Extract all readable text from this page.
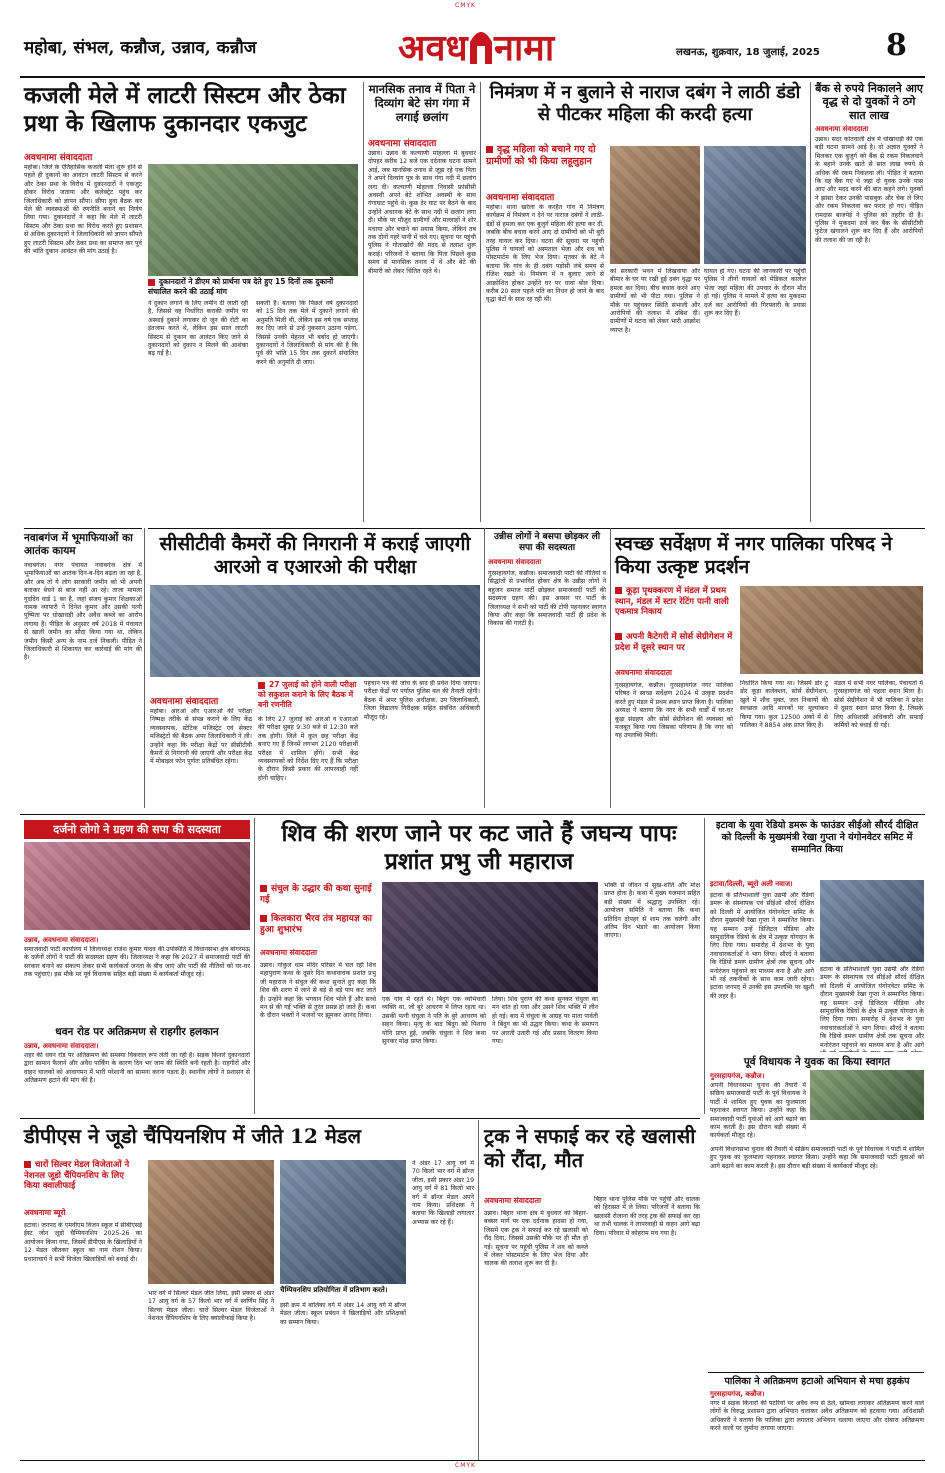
CMYK
CMYK
महोबा, संभल, कन्नौज, उन्नाव, कन्नौज	अवध नामा	लखनऊ, शुक्रवार, 18 जुलाई, 2025 8
कजली मेले में लाटरी सिस्टम और ठेका प्रथा के खिलाफ दुकानदार एकजुट
अवधनामा संवाददाता
महोबा। जिले के ऐतिहासिक कजली मेला शुरू होने से पहले ही दुकानों का आवंटन लाटरी सिस्टम से करने और ठेका प्रथा के विरोध में दुकानदारों ने एकजुट होकर विरोध जताया और कलेक्ट्रेट पहुंच कर जिलाधिकारी को ज्ञापन सौंपा। छीपा हुवा बैठक कर मेले की व्यवस्थाओं की रणनीति बनाने का निर्णय लिया गया। दुकानदारों ने कहा कि मेले में लाटरी सिस्टम और ठेका प्रथा का विरोध करते हुए प्रशासन से अधिक दुकानदारों ने जिलाधिकारी को ज्ञापन सौंपते हुए लाटरी सिस्टम और ठेका प्रथा का समाप्त कर पूर्व की भांति दुकान आवंटन की मांग उठाई है।
दुकानदारों ने डीएम को प्रार्थना पत्र देते हुए 15 दिनों तक दुकानों संचालित करने की उठाई मांग
ने दुकान लगाने के लिए जमीन दी जाती रही है, जिससे वह निर्धारित कराकी जमीन पर अस्थाई दुकाने लगाकर दो जून की रोटी का इंतजाम करते थे, लेकिन इस साल लाटरी सिस्टम से दुकान का आवंटन किए जाने से दुकानदारों को दुकान न मिलने की आशंका बढ़ गई है।
सकती है। बताया कि पिछले वर्ष दुकानदारों को 15 दिन तक मेले में दुकानें लगाने की अनुमति मिली थी, लेकिन इस वर्ष एक सप्ताह कर दिए जाने से उन्हें नुकसान उठाना पड़ेगा, जिससे उनकी मेहनत भी बर्बाद हो जाएगी। दुकानदारों ने जिलाधिकारी से मांग की है कि पूर्व की भांति 15 दिन तक दुकानें संचालित करने की अनुमति दी जाए।
नवाबगंज में भूमाफियाओं का आतंक कायम
नवाबगंज। नगर पंचायत नवाबगंज क्षेत्र में भूमाफियाओं का आतंक दिन-ब-दिन बढ़ता जा रहा है, और अब तो ये लोग सरकारी जमीन को भी अपनी बताकर बेचने से बाज नहीं आ रहे। ताजा मामला गुर्दादेव वार्ड 1 का है, जहां संजय कुमार शिक्षकाओं नामक व्यापारी ने दिनेश कुमार और उसकी पत्नी पुष्पिता पर धोखाधड़ी और अवैध कब्जे का आरोप लगाया है। पीड़ित के अनुसार वर्ष 2018 में पंचायत से खाली जमीन का सौदा किया गया था, लेकिन जमीन किसी अन्य के नाम दर्ज निकली। पीड़ित ने जिलाधिकारी से शिकायत कर कार्रवाई की मांग की है।
मानसिक तनाव में पिता ने दिव्यांग बेटे संग गंगा में लगाई छलांग
अवधनामा संवाददाता
उन्नाव। उन्नाव के कल्याणी मोहल्ला में बुधवार दोपहर करीब 12 बजे एक दर्दनाक घटना सामने आई, जब मानसिक तनाव से जूझ रहे एक पिता ने अपने दिव्यांग पुत्र के साथ गंगा नदी में छलांग लगा दी। कल्याणी मोहल्ला निवासी फ्रांसीसी अवस्थी अपने बेटे शोभित अवस्थी के साथ गंगाघाट पहुंचे थे। कुछ देर घाट पर बैठने के बाद उन्होंने अचानक बेटे के साथ नदी में छलांग लगा दी। मौके पर मौजूद ग्रामीणों और मल्लाहों ने शोर मचाया और बचाने का प्रयास किया, लेकिन तब तक दोनों गहरे पानी में चले गए। सूचना पर पहुंची पुलिस ने गोताखोरों की मदद से तलाश शुरू कराई। परिजनों ने बताया कि पिता पिछले कुछ समय से मानसिक तनाव में थे और बेटे की बीमारी को लेकर चिंतित रहते थे।
निमंत्रण में न बुलाने से नाराज दबंग ने लाठी डंडो से पीटकर महिला की करदी हत्या
वृद्ध महिला को बचाने गए दो ग्रामीणों को भी किया लहूलुहान
अवधनामा संवाददाता
महोबा। थाना खरेला के करहैत गांव में निमंत्रण कार्यक्रम में निमंत्रण न देने पर नाराज दबंगों ने लाठी-डंडों से हमला कर एक बुजुर्ग महिला की हत्या कर दी, जबकि बीच बचाव करने आए दो ग्रामीणों को भी बुरी तरह घायल कर दिया। घटना की सूचना पर पहुंची पुलिस ने घायलों को अस्पताल भेजा और शव को पोस्टमार्टम के लिए भेज दिया। मृतका के बेटे ने बताया कि गांव के ही दबंग पड़ोसी लंबे समय से रंजिश रखते थे। निमंत्रण में न बुलाए जाने से आक्रोशित होकर उन्होंने घर पर धावा बोल दिया। करीब 20 साल पहले पति का निधन हो जाने के बाद वृद्धा बेटों के साथ रह रही थी।
को सरकारी भवन में लिखवाया और बीमार के घर पर रखी हुई दबंग वृद्धा पर हमला कर दिया। बीच बचाव करने आए ग्रामीणों को भी पीटा गया। पुलिस ने मौके पर पहुंचकर स्थिति संभाली और आरोपियों की तलाश में दबिश दी। ग्रामीणों में घटना को लेकर भारी आक्रोश व्याप्त है।
घायल हो गए। घटना की जानकारी पर पहुंची पुलिस ने तीनों घायलों को मेडिकल कालेज भेजा जहां महिला की उपचार के दौरान मौत हो गई। पुलिस ने मामले में हत्या का मुकदमा दर्ज कर आरोपियों की गिरफ्तारी के प्रयास शुरू कर दिए हैं।
बैंक से रुपये निकालने आए वृद्ध से दो युवकों ने ठगे सात लाख
अवधनामा संवाददाता
उन्नाव। सदर कोतवाली क्षेत्र में धोखाधड़ी की एक बड़ी घटना सामने आई है। दो अज्ञात युवकों ने मिलकर एक बुजुर्ग को बैंक से रकम निकलवाने के बहाने उनके खाते से सात लाख रुपये से अधिक की रकम निकलवा ली। पीड़ित ने बताया कि वह बैंक गए थे जहां दो युवक उनके पास आए और मदद करने की बात कहने लगे। युवकों ने झांसा देकर उनकी पासबुक और चेक ले लिए और रकम निकलवा कर फरार हो गए। पीड़ित रामदास बाजपेई ने पुलिस को तहरीर दी है। पुलिस ने मुकदमा दर्ज कर बैंक के सीसीटीवी फुटेज खंगालने शुरू कर दिए हैं और आरोपियों की तलाश की जा रही है।
सीसीटीवी कैमरों की निगरानी में कराई जाएगी आरओ व एआरओ की परीक्षा
अवधनामा संवाददाता
महोबा। आरओ और एआरओ की परीक्षा निष्पक्ष तरीके से संपन्न कराने के लिए केंद्र व्यवस्थापक, स्टेटिक मजिस्ट्रेट एवं सेक्टर मजिस्ट्रेटों की बैठक अपर जिलाधिकारी ने ली। उन्होंने कहा कि परीक्षा केंद्रों पर सीसीटीवी कैमरों से निगरानी की जाएगी और परीक्षा केंद्र में मोबाइल फोन पूर्णतः प्रतिबंधित रहेगा।
27 जुलाई को होने वाली परीक्षा को सकुशल कराने के लिए बैठक में बनी रणनीति
के लिए 27 जुलाई को आरओ व एआरओ की परीक्षा सुबह 9:30 बजे से 12:30 बजे तक होगी। जिले में कुल छह परीक्षा केंद्र बनाए गए हैं जिनमें लगभग 2120 परीक्षार्थी परीक्षा में शामिल होंगे। सभी केंद्र व्यवस्थापकों को निर्देश दिए गए हैं कि परीक्षा के दौरान किसी प्रकार की लापरवाही नहीं होनी चाहिए।
पहचान पत्र की जांच के बाद ही प्रवेश दिया जाएगा। परीक्षा केंद्रों पर पर्याप्त पुलिस बल की तैनाती रहेगी। बैठक में अपर पुलिस अधीक्षक, उप जिलाधिकारी, जिला विद्यालय निरीक्षक सहित संबंधित अधिकारी मौजूद रहे।
उन्नीस लोगों ने बसपा छोड़कर ली सपा की सदस्यता
अवधनामा संवाददाता
गुरसहायगंज, कन्नौज। समाजवादी पार्टी की नीतियों व सिद्धांतों से प्रभावित होकर क्षेत्र के उन्नीस लोगों ने बहुजन समाज पार्टी छोड़कर समाजवादी पार्टी की सदस्यता ग्रहण की। इस अवसर पर पार्टी के जिलाध्यक्ष ने सभी को पार्टी की टोपी पहनाकर स्वागत किया और कहा कि समाजवादी पार्टी ही प्रदेश के विकास की गारंटी है।
स्वच्छ सर्वेक्षण में नगर पालिका परिषद ने किया उत्कृष्ट प्रदर्शन
कूड़ा पृथक्करण में मंडल में प्रथम स्थान, मंडल में स्टार रेटिंग पानी वाली एकमात्र निकाय
अपनी कैटेगरी में सोर्स सेग्रीगेशन में प्रदेश में दूसरे स्थान पर
अवधनामा संवाददाता
गुरसहायगंज, कन्नौज। गुरसहायगंज नगर पालिका परिषद ने स्वच्छ सर्वेक्षण 2024 में उत्कृष्ट प्रदर्शन करते हुए मंडल में प्रथम स्थान प्राप्त किया है। पालिका अध्यक्ष ने बताया कि नगर के सभी वार्डों में घर-घर कूड़ा संग्रहण और सोर्स सेग्रीगेशन की व्यवस्था को मजबूत किया गया जिसका परिणाम है कि नगर को यह उपलब्धि मिली।
निर्धारित किया गया था। जिसमें डोर टू डोर कूड़ा कलेक्शन, सोर्स सेग्रीगेशन, खुले में शौच मुक्त, जल निकायों की स्वच्छता आदि मानकों पर मूल्यांकन किया गया। कुल 12500 अंकों में से पालिका ने 8854 अंक प्राप्त किए हैं।
मंडल में सभी नगर पालिका, पंचायतों में गुरसहायगंज को पहला स्थान मिला है। सोर्स सेग्रीगेशन में भी पालिका ने प्रदेश में दूसरा स्थान प्राप्त किया है, जिसके लिए अधिशासी अधिकारी और सफाई कर्मियों को बधाई दी गई।
दर्जनो लोगो ने ग्रहण की सपा की सदस्यता
उन्नाव, अवधनामा संवाददाता।
समाजवादी पार्टी कार्यालय में जिलाध्यक्ष राजेश कुमार यादव की उपस्थिति में विधानसभा क्षेत्र बांगरमऊ के दर्जनों लोगों ने पार्टी की सदस्यता ग्रहण की। जिलाध्यक्ष ने कहा कि 2027 में समाजवादी पार्टी की सरकार बनाने का संकल्प लेकर सभी कार्यकर्ता जनता के बीच जाएं और पार्टी की नीतियों को घर-घर तक पहुंचाएं। इस मौके पर पूर्व विधायक सहित बड़ी संख्या में कार्यकर्ता मौजूद रहे।
धवन रोड पर अतिक्रमण से राहगीर हलकान
उन्नाव, अवधनामा संवाददाता।
शहर की धवन रोड पर अतिक्रमण की समस्या विकराल रूप लेती जा रही है। सड़क किनारे दुकानदारों द्वारा सामान फैलाने और अवैध पार्किंग के कारण दिन भर जाम की स्थिति बनी रहती है। राहगीरों और वाहन चालकों को आवागमन में भारी परेशानी का सामना करना पड़ता है। स्थानीय लोगों ने प्रशासन से अतिक्रमण हटाने की मांग की है।
शिव की शरण जाने पर कट जाते हैं जघन्य पापः प्रशांत प्रभु जी महाराज
संचुल के उद्धार की कथा सुनाई गई
किलकारा भैरव तंत्र महायज्ञ का हुआ शुभारंभ
अवधनामा संवाददाता
उन्नाव। गोकुल धाम मंदिर परिसर में चल रही शिव महापुराण कथा के दूसरे दिन कथावाचक प्रशांत प्रभु जी महाराज ने संचुल की कथा सुनाते हुए कहा कि शिव की शरण में जाने से बड़े से बड़े पाप कट जाते हैं। उन्होंने कहा कि भगवान शिव भोले हैं और सच्चे मन से की गई भक्ति से तुरंत प्रसन्न हो जाते हैं। कथा के दौरान भक्तों ने भजनों पर झूमकर आनंद लिया।
एक गांव में रहते थे। बिंदुग एक व्यभिचारी व्यक्ति था, जो बुरे आचरण में लिप्त रहता था। उसकी पत्नी चंचुला ने पति के बुरे आचरण को सहन किया। मृत्यु के बाद बिंदुग को पिशाच योनि प्राप्त हुई, जबकि चंचुला ने शिव कथा सुनकर मोक्ष प्राप्त किया।
लिया। शिव पुराण की कथा सुनकर चंचुला का मन शांत हो गया और उसने शिव भक्ति में लीन हो गई। बाद में चंचुला के आग्रह पर माता पार्वती ने बिंदुग का भी उद्धार किया। कथा के समापन पर आरती उतारी गई और प्रसाद वितरण किया गया।
भक्ति से जीवन में सुख-शांति और मोक्ष प्राप्त होता है। कथा में मुख्य यजमान सहित बड़ी संख्या में श्रद्धालु उपस्थित रहे। आयोजन समिति ने बताया कि कथा प्रतिदिन दोपहर से शाम तक चलेगी और अंतिम दिन भंडारे का आयोजन किया जाएगा।
इटावा के युवा रेडियो डमरू के फाउंडर सीईओ सौरर्द दीक्षित को दिल्ली के मुख्यमंत्री रेखा गुप्ता ने यंगोनवेटर समिट में सम्मानित किया
इटावा/दिल्ली, ब्यूरो अली नवाज।
इटावा के प्रतिभाशाली युवा उद्यमी और रेडियो डमरू के संस्थापक एवं सीईओ सौरर्द दीक्षित को दिल्ली में आयोजित यंगोनवेटर समिट के दौरान मुख्यमंत्री रेखा गुप्ता ने सम्मानित किया। यह सम्मान उन्हें डिजिटल मीडिया और सामुदायिक रेडियो के क्षेत्र में उत्कृष्ट योगदान के लिए दिया गया। समारोह में देशभर के युवा नवाचारकर्ताओं ने भाग लिया। सौरर्द ने बताया कि रेडियो डमरू ग्रामीण क्षेत्रों तक सूचना और मनोरंजन पहुंचाने का माध्यम बना है और आगे भी नई तकनीकों के साथ काम जारी रहेगा। इटावा जनपद में उनकी इस उपलब्धि पर खुशी की लहर है।
इटावा के प्रतिभाशाली युवा उद्यमी और रेडियो डमरू के संस्थापक एवं सीईओ सौरर्द दीक्षित को दिल्ली में आयोजित यंगोनवेटर समिट के दौरान मुख्यमंत्री रेखा गुप्ता ने सम्मानित किया। यह सम्मान उन्हें डिजिटल मीडिया और सामुदायिक रेडियो के क्षेत्र में उत्कृष्ट योगदान के लिए दिया गया। समारोह में देशभर के युवा नवाचारकर्ताओं ने भाग लिया। सौरर्द ने बताया कि रेडियो डमरू ग्रामीण क्षेत्रों तक सूचना और मनोरंजन पहुंचाने का माध्यम बना है और आगे
पूर्व विधायक ने युवक का किया स्वागत
गुरसहायगंज, कन्नौज।
अपनी विधानसभा चुनाव की तैयारी में सक्रिय समाजवादी पार्टी के पूर्व विधायक ने पार्टी में शामिल हुए युवक का फूलमाला पहनाकर स्वागत किया। उन्होंने कहा कि समाजवादी पार्टी युवाओं को आगे बढ़ाने का काम करती है। इस दौरान बड़ी संख्या में कार्यकर्ता मौजूद रहे।
डीपीएस ने जूडो चैंपियनशिप में जीते 12 मेडल
चारों सिल्वर मेडल विजेताओं ने नेशनल जूडो चैंपियनशिप के लिए किया क्वालीफाई
अवधनामा ब्यूरो
इटावा। जनपद के एमवीएम विजन स्कूल में सीबीएसई ईस्ट जोन जूडो चैम्पियनशिप 2025-26 का आयोजन किया गया, जिसमें डीपीएस के खिलाड़ियों ने 12 मेडल जीतकर स्कूल का नाम रोशन किया। प्रधानाचार्य ने सभी विजेता खिलाड़ियों को बधाई दी।
भार वर्ग में सिल्वर मेडल जीत लिया, इसी प्रकार से अंडर 17 आयु वर्ग के 57 किलो भार वर्ग में स्वर्णिम सिंह ने सिल्वर मेडल जीता। चारों सिल्वर मेडल विजेताओं ने नेशनल चैंपियनशिप के लिए क्वालीफाई किया है।
चैम्पियनशिप प्रतियोगिता में प्रतिभाग करते।
इसी क्रम में बालिका वर्ग में अंडर 14 आयु वर्ग में ब्रॉन्ज मेडल जीता। स्कूल प्रबंधन ने खिलाड़ियों और प्रशिक्षकों का सम्मान किया।
ने अंडर 17 आयु वर्ग में 70 किलो भार वर्ग में ब्रॉन्ज जीता, इसी प्रकार अंडर 19 आयु वर्ग में 81 किलो भार वर्ग में ब्रॉन्ज मेडल अपने नाम किया। प्रशिक्षक ने बताया कि खिलाड़ी लगातार अभ्यास कर रहे हैं।
ट्रक ने सफाई कर रहे खलासी को रौंदा, मौत
अवधनामा संवाददाता
उन्नाव। बिहार थाना क्षेत्र में बुधवार को बिहार-बक्सर मार्ग पर एक दर्दनाक हादसा हो गया, जिसमें एक ट्रक ने सफाई कर रहे खलासी को रौंद दिया, जिससे उसकी मौके पर ही मौत हो गई। सूचना पर पहुंची पुलिस ने शव को कब्जे में लेकर पोस्टमार्टम के लिए भेज दिया और चालक की तलाश शुरू कर दी है।
बिहार थाना पुलिस मौके पर पहुंची और चालक को हिरासत में ले लिया। परिजनों ने बताया कि खलासी रोजाना की तरह ट्रक की सफाई कर रहा था तभी चालक ने लापरवाही से वाहन आगे बढ़ा दिया। परिवार में कोहराम मच गया है।
पालिका ने अतिक्रमण हटाओ अभियान से मचा हड़कंप
गुरसहायगंज, कन्नौज।
नगर में सड़क किनारों की पटरियों पर अवैध रूप से ठेले, खोमचा लगाकर अतिक्रमण करने वाले लोगों के विरुद्ध प्रशासन द्वारा अभियान चलाकर अवैध अतिक्रमण को हटवाया गया। अधिशासी अधिकारी ने बताया कि पालिका द्वारा लगातार अभियान चलाया जाएगा और दोबारा अतिक्रमण करने वालों पर जुर्माना लगाया जाएगा।
अपनी विधानसभा चुनाव की तैयारी में सक्रिय समाजवादी पार्टी के पूर्व विधायक ने पार्टी में शामिल हुए युवक का फूलमाला पहनाकर स्वागत किया। उन्होंने कहा कि समाजवादी पार्टी युवाओं को आगे बढ़ाने का काम करती है। इस दौरान बड़ी संख्या में कार्यकर्ता मौजूद रहे।
